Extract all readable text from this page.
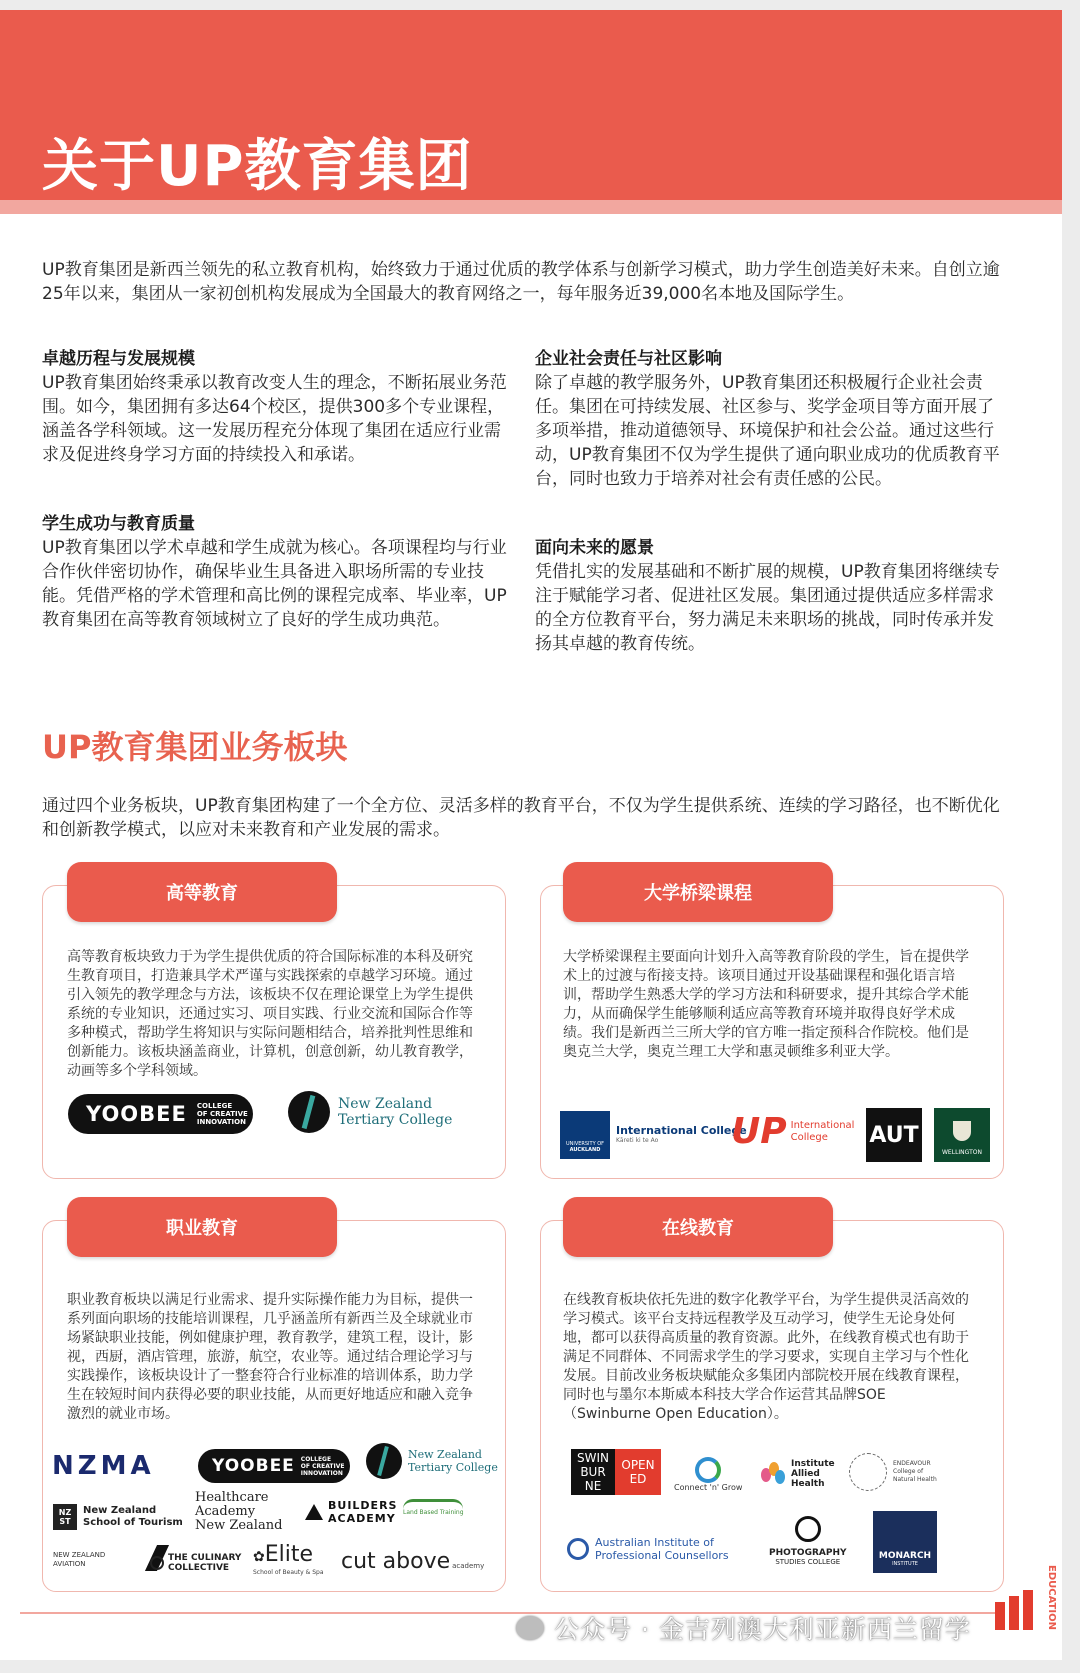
关于UP教育集团

UP教育集团是新西兰领先的私立教育机构，始终致力于通过优质的教学体系与创新学习模式，助力学生创造美好未来。自创立逾25年以来，集团从一家初创机构发展成为全国最大的教育网络之一，每年服务近39,000名本地及国际学生。

卓越历程与发展规模

UP教育集团始终秉承以教育改变人生的理念，不断拓展业务范围。如今，集团拥有多达64个校区，提供300多个专业课程，涵盖各学科领域。这一发展历程充分体现了集团在适应行业需求及促进终身学习方面的持续投入和承诺。

企业社会责任与社区影响

除了卓越的教学服务外，UP教育集团还积极履行企业社会责任。集团在可持续发展、社区参与、奖学金项目等方面开展了多项举措，推动道德领导、环境保护和社会公益。通过这些行动，UP教育集团不仅为学生提供了通向职业成功的优质教育平台，同时也致力于培养对社会有责任感的公民。

学生成功与教育质量

UP教育集团以学术卓越和学生成就为核心。各项课程均与行业合作伙伴密切协作，确保毕业生具备进入职场所需的专业技能。凭借严格的学术管理和高比例的课程完成率、毕业率，UP教育集团在高等教育领域树立了良好的学生成功典范。

面向未来的愿景

凭借扎实的发展基础和不断扩展的规模，UP教育集团将继续专注于赋能学习者、促进社区发展。集团通过提供适应多样需求的全方位教育平台，努力满足未来职场的挑战，同时传承并发扬其卓越的教育传统。

UP教育集团业务板块

通过四个业务板块，UP教育集团构建了一个全方位、灵活多样的教育平台，不仅为学生提供系统、连续的学习路径，也不断优化和创新教学模式，以应对未来教育和产业发展的需求。

高等教育板块致力于为学生提供优质的符合国际标准的本科及研究生教育项目，打造兼具学术严谨与实践探索的卓越学习环境。通过引入领先的教学理念与方法，该板块不仅在理论课堂上为学生提供系统的专业知识，还通过实习、项目实践、行业交流和国际合作等多种模式，帮助学生将知识与实际问题相结合，培养批判性思维和创新能力。该板块涵盖商业，计算机，创意创新，幼儿教育教学，动画等多个学科领域。

YOOBEE COLLEGE
OF CREATIVE
INNOVATION
New Zealand
Tertiary College
高等教育

大学桥梁课程主要面向计划升入高等教育阶段的学生，旨在提供学术上的过渡与衔接支持。该项目通过开设基础课程和强化语言培训，帮助学生熟悉大学的学习方法和科研要求，提升其综合学术能力，从而确保学生能够顺利适应高等教育环境并取得良好学术成绩。我们是新西兰三所大学的官方唯一指定预科合作院校。他们是奥克兰大学，奥克兰理工大学和惠灵顿维多利亚大学。

UNIVERSITY OF
AUCKLAND
International College
Kāreti ki te Ao UP International
College	AUT
WELLINGTON
大学桥梁课程

职业教育板块以满足行业需求、提升实际操作能力为目标，提供一系列面向职场的技能培训课程，几乎涵盖所有新西兰及全球就业市场紧缺职业技能，例如健康护理，教育教学，建筑工程，设计，影视，西厨，酒店管理，旅游，航空，农业等。通过结合理论学习与实践操作，该板块设计了一整套符合行业标准的培训体系，助力学生在较短时间内获得必要的职业技能，从而更好地适应和融入竞争激烈的就业市场。

NZMA	YOOBEE COLLEGE
OF CREATIVE
INNOVATION
New Zealand
Tertiary College
NZ ST
New Zealand
School of Tourism
Healthcare
Academy
New Zealand
BUILDERS
ACADEMY	Land Based Training
NEW ZEALAND
AVIATION
THE CULINARY
COLLECTIVE
✿Elite
School of Beauty & Spa cut above academy
职业教育

在线教育板块依托先进的数字化教学平台，为学生提供灵活高效的学习模式。该平台支持远程教学及互动学习，使学生无论身处何地，都可以获得高质量的教育资源。此外，在线教育模式也有助于满足不同群体、不同需求学生的学习要求，实现自主学习与个性化发展。目前改业务板块赋能众多集团内部院校开展在线教育课程，同时也与墨尔本斯威本科技大学合作运营其品牌SOE（Swinburne Open Education）。

SWIN
BUR
NE
OPEN
ED
Connect 'n' Grow
Institute
Allied
Health
ENDEAVOUR
College of
Natural Health
Australian Institute of
Professional Counsellors	PHOTOGRAPHY
STUDIES COLLEGE
MONARCH
INSTITUTE
在线教育
EDUCATION
公众号 · 金吉列澳大利亚新西兰留学
